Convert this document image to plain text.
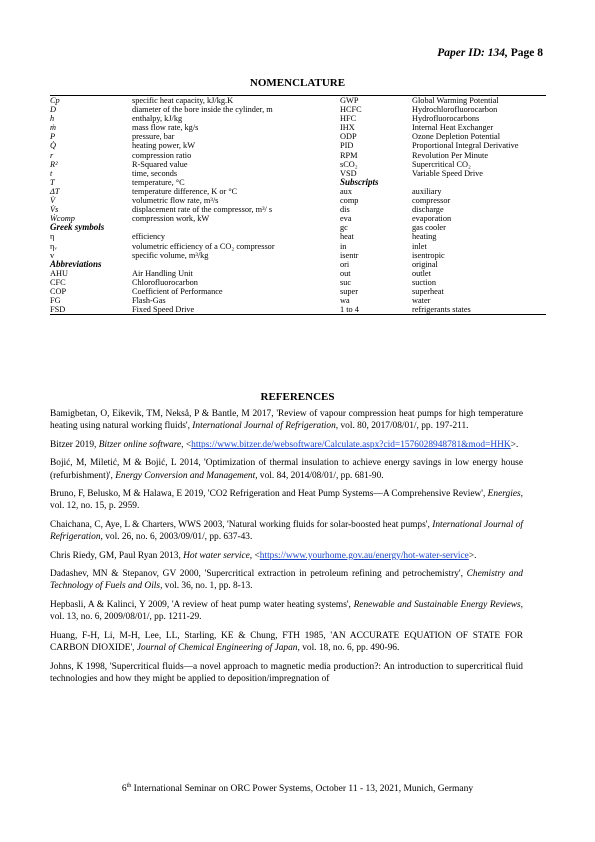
Paper ID: 134, Page 8
NOMENCLATURE
Cp	specific heat capacity, kJ/kg.K	GWP	Global Warming Potential
D	diameter of the bore inside the cylinder, m	HCFC	Hydrochlorofluorocarbon
h	enthalpy, kJ/kg	HFC	Hydrofluorocarbons
ṁ	mass flow rate, kg/s	IHX	Internal Heat Exchanger
P	pressure, bar	ODP	Ozone Depletion Potential
Q̇	heating power, kW	PID	Proportional Integral Derivative
r	compression ratio	RPM	Revolution Per Minute
R²	R-Squared value	sCO₂	Supercritical CO₂
t	time, seconds	VSD	Variable Speed Drive
T	temperature, °C	Subscripts	
ΔT	temperature difference, K or °C	aux	auxiliary
V̇	volumetric flow rate, m³/s	comp	compressor
V̇s	displacement rate of the compressor, m³/ s	dis	discharge
Ẇcomp	compression work, kW	eva	evaporation
Greek symbols		gc	gas cooler
η	efficiency	heat	heating
ηᵥ	volumetric efficiency of a CO₂ compressor	in	inlet
v	specific volume, m³/kg	isentr	isentropic
Abbreviations		ori	original
AHU	Air Handling Unit	out	outlet
CFC	Chlorofluorocarbon	suc	suction
COP	Coefficient of Performance	super	superheat
FG	Flash-Gas	wa	water
FSD	Fixed Speed Drive	1 to 4	refrigerants states
REFERENCES

Bamigbetan, O, Eikevik, TM, Nekså, P & Bantle, M 2017, 'Review of vapour compression heat pumps for high temperature heating using natural working fluids', International Journal of Refrigeration, vol. 80, 2017/08/01/, pp. 197-211.

Bitzer 2019, Bitzer online software, <https://www.bitzer.de/websoftware/Calculate.aspx?cid=1576028948781&mod=HHK>.

Bojić, M, Miletić, M & Bojić, L 2014, 'Optimization of thermal insulation to achieve energy savings in low energy house (refurbishment)', Energy Conversion and Management, vol. 84, 2014/08/01/, pp. 681-90.

Bruno, F, Belusko, M & Halawa, E 2019, 'CO2 Refrigeration and Heat Pump Systems—A Comprehensive Review', Energies, vol. 12, no. 15, p. 2959.

Chaichana, C, Aye, L & Charters, WWS 2003, 'Natural working fluids for solar-boosted heat pumps', International Journal of Refrigeration, vol. 26, no. 6, 2003/09/01/, pp. 637-43.

Chris Riedy, GM, Paul Ryan 2013, Hot water service, <https://www.yourhome.gov.au/energy/hot-water-service>.

Dadashev, MN & Stepanov, GV 2000, 'Supercritical extraction in petroleum refining and petrochemistry', Chemistry and Technology of Fuels and Oils, vol. 36, no. 1, pp. 8-13.

Hepbasli, A & Kalinci, Y 2009, 'A review of heat pump water heating systems', Renewable and Sustainable Energy Reviews, vol. 13, no. 6, 2009/08/01/, pp. 1211-29.

Huang, F-H, Li, M-H, Lee, LL, Starling, KE & Chung, FTH 1985, 'AN ACCURATE EQUATION OF STATE FOR CARBON DIOXIDE', Journal of Chemical Engineering of Japan, vol. 18, no. 6, pp. 490-96.

Johns, K 1998, 'Supercritical fluids—a novel approach to magnetic media production?: An introduction to supercritical fluid technologies and how they might be applied to deposition/impregnation of

6th International Seminar on ORC Power Systems, October 11 - 13, 2021, Munich, Germany
